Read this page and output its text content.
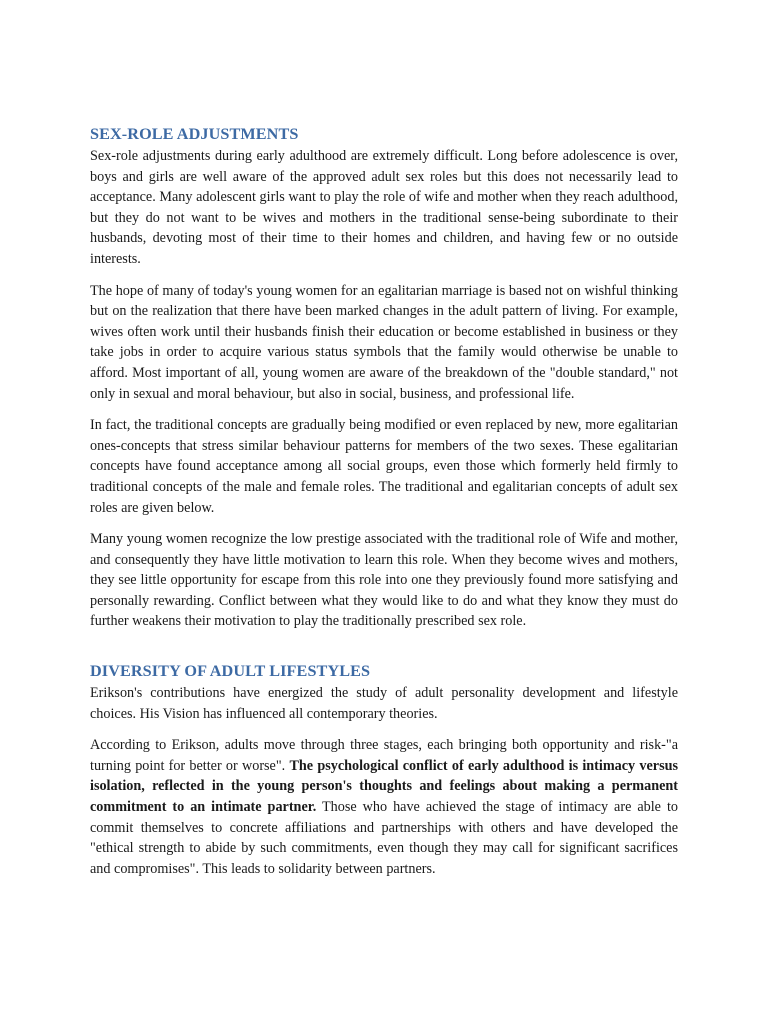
SEX-ROLE ADJUSTMENTS

Sex-role adjustments during early adulthood are extremely difficult. Long before adolescence is over, boys and girls are well aware of the approved adult sex roles but this does not necessarily lead to acceptance. Many adolescent girls want to play the role of wife and mother when they reach adulthood, but they do not want to be wives and mothers in the traditional sense-being subordinate to their husbands, devoting most of their time to their homes and children, and having few or no outside interests.

The hope of many of today's young women for an egalitarian marriage is based not on wishful thinking but on the realization that there have been marked changes in the adult pattern of living. For example, wives often work until their husbands finish their education or become established in business or they take jobs in order to acquire various status symbols that the family would otherwise be unable to afford. Most important of all, young women are aware of the breakdown of the "double standard," not only in sexual and moral behaviour, but also in social, business, and professional life.

In fact, the traditional concepts are gradually being modified or even replaced by new, more egalitarian ones-concepts that stress similar behaviour patterns for members of the two sexes. These egalitarian concepts have found acceptance among all social groups, even those which formerly held firmly to traditional concepts of the male and female roles. The traditional and egalitarian concepts of adult sex roles are given below.

Many young women recognize the low prestige associated with the traditional role of Wife and mother, and consequently they have little motivation to learn this role. When they become wives and mothers, they see little opportunity for escape from this role into one they previously found more satisfying and personally rewarding. Conflict between what they would like to do and what they know they must do further weakens their motivation to play the traditionally prescribed sex role.

DIVERSITY OF ADULT LIFESTYLES

Erikson's contributions have energized the study of adult personality development and lifestyle choices. His Vision has influenced all contemporary theories.

According to Erikson, adults move through three stages, each bringing both opportunity and risk-"a turning point for better or worse". The psychological conflict of early adulthood is intimacy versus isolation, reflected in the young person's thoughts and feelings about making a permanent commitment to an intimate partner. Those who have achieved the stage of intimacy are able to commit themselves to concrete affiliations and partnerships with others and have developed the "ethical strength to abide by such commitments, even though they may call for significant sacrifices and compromises". This leads to solidarity between partners.
